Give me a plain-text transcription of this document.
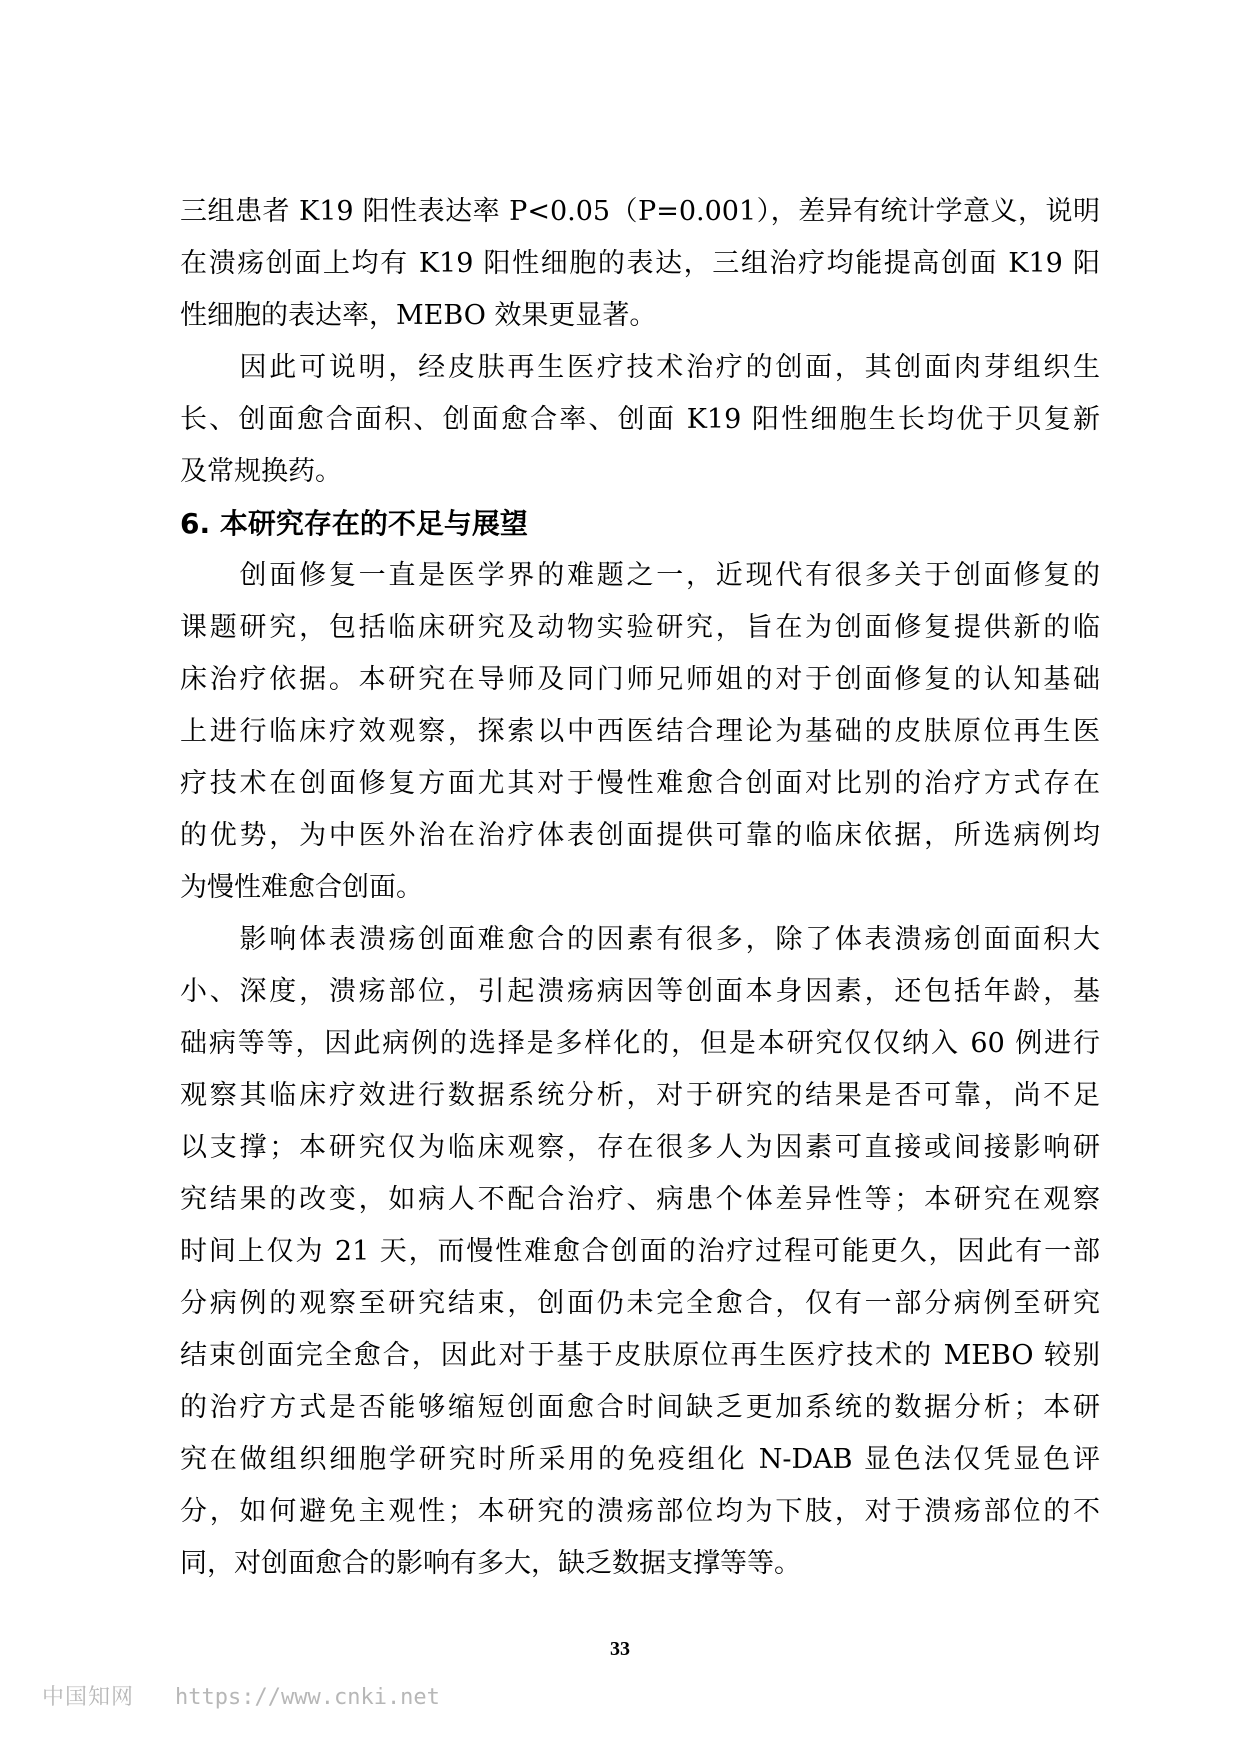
三组患者 K19 阳性表达率 P<0.05（P=0.001），差异有统计学意义，说明
在溃疡创面上均有 K19 阳性细胞的表达，三组治疗均能提高创面 K19 阳
性细胞的表达率，MEBO 效果更显著。

　　因此可说明，经皮肤再生医疗技术治疗的创面，其创面肉芽组织生
长、创面愈合面积、创面愈合率、创面 K19 阳性细胞生长均优于贝复新
及常规换药。

6. 本研究存在的不足与展望

　　创面修复一直是医学界的难题之一，近现代有很多关于创面修复的
课题研究，包括临床研究及动物实验研究，旨在为创面修复提供新的临
床治疗依据。本研究在导师及同门师兄师姐的对于创面修复的认知基础
上进行临床疗效观察，探索以中西医结合理论为基础的皮肤原位再生医
疗技术在创面修复方面尤其对于慢性难愈合创面对比别的治疗方式存在
的优势，为中医外治在治疗体表创面提供可靠的临床依据，所选病例均
为慢性难愈合创面。

　　影响体表溃疡创面难愈合的因素有很多，除了体表溃疡创面面积大
小、深度，溃疡部位，引起溃疡病因等创面本身因素，还包括年龄，基
础病等等，因此病例的选择是多样化的，但是本研究仅仅纳入 60 例进行
观察其临床疗效进行数据系统分析，对于研究的结果是否可靠，尚不足
以支撑；本研究仅为临床观察，存在很多人为因素可直接或间接影响研
究结果的改变，如病人不配合治疗、病患个体差异性等；本研究在观察
时间上仅为 21 天，而慢性难愈合创面的治疗过程可能更久，因此有一部
分病例的观察至研究结束，创面仍未完全愈合，仅有一部分病例至研究
结束创面完全愈合，因此对于基于皮肤原位再生医疗技术的 MEBO 较别
的治疗方式是否能够缩短创面愈合时间缺乏更加系统的数据分析；本研
究在做组织细胞学研究时所采用的免疫组化 N-DAB 显色法仅凭显色评
分，如何避免主观性；本研究的溃疡部位均为下肢，对于溃疡部位的不
同，对创面愈合的影响有多大，缺乏数据支撑等等。

33
中国知网 https://www.cnki.net
